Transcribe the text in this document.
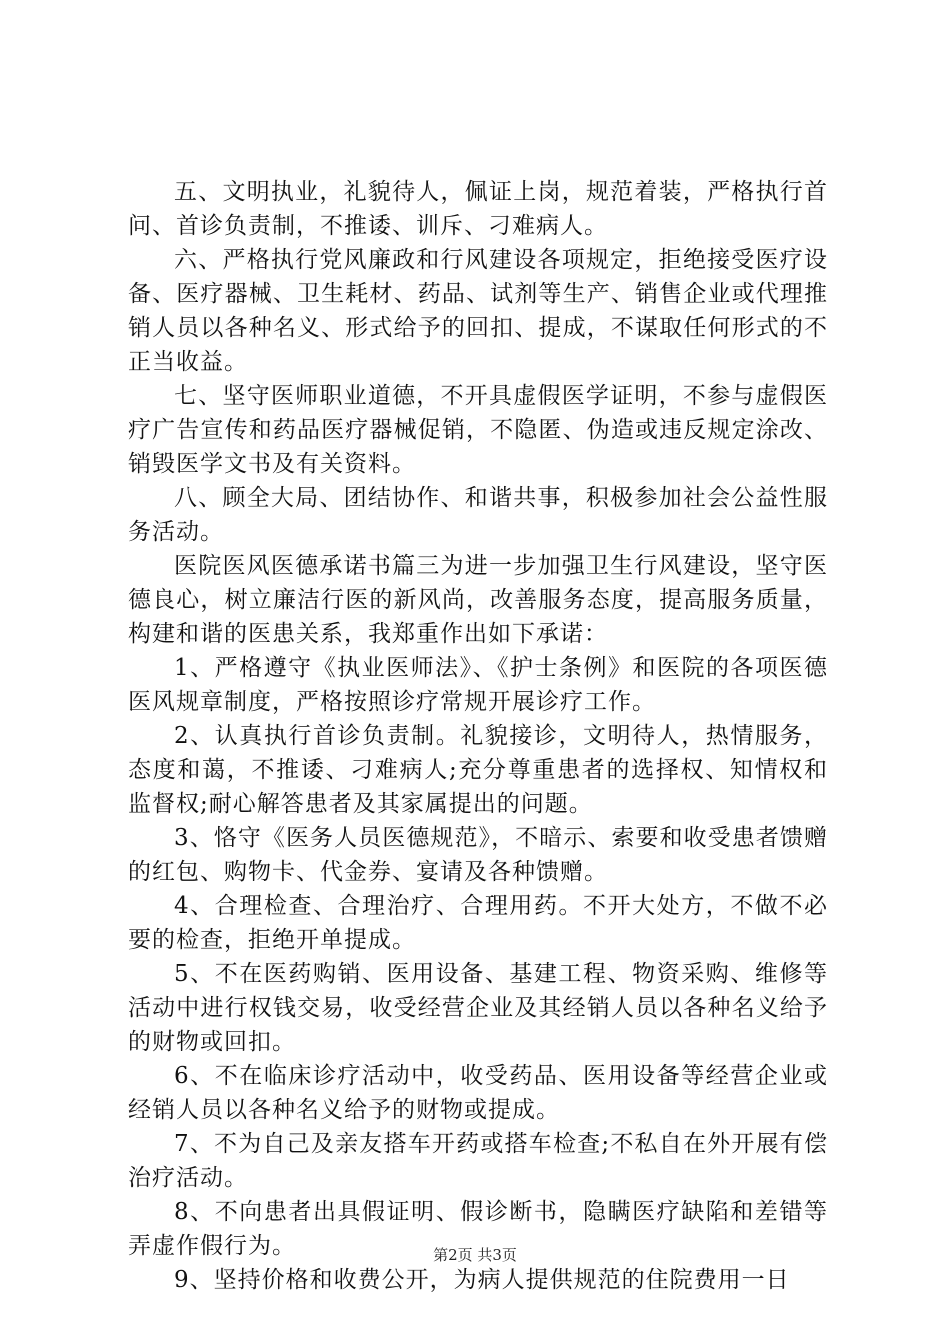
五、文明执业，礼貌待人，佩证上岗，规范着装，严格执行首问、首诊负责制，不推诿、训斥、刁难病人。

六、严格执行党风廉政和行风建设各项规定，拒绝接受医疗设备、医疗器械、卫生耗材、药品、试剂等生产、销售企业或代理推销人员以各种名义、形式给予的回扣、提成，不谋取任何形式的不正当收益。

七、坚守医师职业道德，不开具虚假医学证明，不参与虚假医疗广告宣传和药品医疗器械促销，不隐匿、伪造或违反规定涂改、销毁医学文书及有关资料。

八、顾全大局、团结协作、和谐共事，积极参加社会公益性服务活动。

医院医风医德承诺书篇三为进一步加强卫生行风建设，坚守医德良心，树立廉洁行医的新风尚，改善服务态度，提高服务质量，构建和谐的医患关系，我郑重作出如下承诺：

1、严格遵守《执业医师法》、《护士条例》和医院的各项医德医风规章制度，严格按照诊疗常规开展诊疗工作。

2、认真执行首诊负责制。礼貌接诊，文明待人，热情服务，态度和蔼，不推诿、刁难病人;充分尊重患者的选择权、知情权和监督权;耐心解答患者及其家属提出的问题。

3、恪守《医务人员医德规范》，不暗示、索要和收受患者馈赠的红包、购物卡、代金券、宴请及各种馈赠。

4、合理检查、合理治疗、合理用药。不开大处方，不做不必要的检查，拒绝开单提成。

5、不在医药购销、医用设备、基建工程、物资采购、维修等活动中进行权钱交易，收受经营企业及其经销人员以各种名义给予的财物或回扣。

6、不在临床诊疗活动中，收受药品、医用设备等经营企业或经销人员以各种名义给予的财物或提成。

7、不为自己及亲友搭车开药或搭车检查;不私自在外开展有偿治疗活动。

8、不向患者出具假证明、假诊断书，隐瞒医疗缺陷和差错等弄虚作假行为。

9、坚持价格和收费公开，为病人提供规范的住院费用一日

第2页 共3页
